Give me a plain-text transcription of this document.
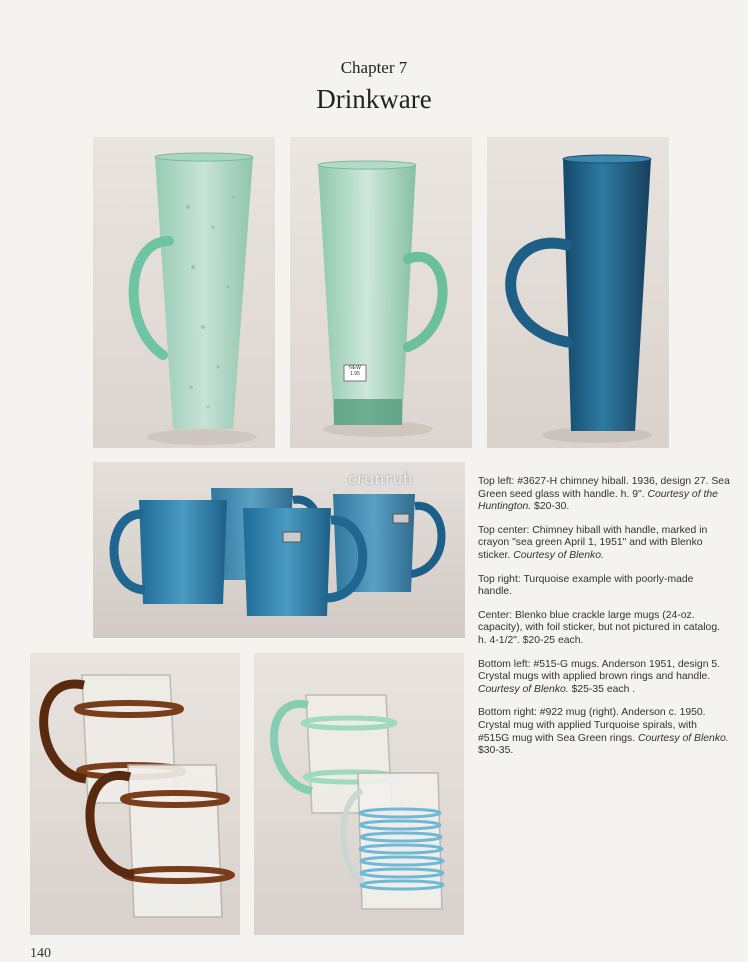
Chapter 7
Drinkware
NEW
1.95
crunruh	Top left: #3627-H chimney hiball. 1936, design 27. Sea Green seed glass with handle. h. 9". Courtesy of the Huntington. $20-30.

Top center: Chimney hiball with handle, marked in crayon "sea green April 1, 1951" and with Blenko sticker. Courtesy of Blenko.

Top right: Turquoise example with poorly-made handle.

Center: Blenko blue crackle large mugs (24-oz. capacity), with foil sticker, but not pictured in catalog. h. 4-1/2". $20-25 each.

Bottom left: #515-G mugs. Anderson 1951, design 5. Crystal mugs with applied brown rings and handle. Courtesy of Blenko. $25-35 each .

Bottom right: #922 mug (right). Anderson c. 1950. Crystal mug with applied Turquoise spirals, with #515G mug with Sea Green rings. Courtesy of Blenko. $30-35.

140
